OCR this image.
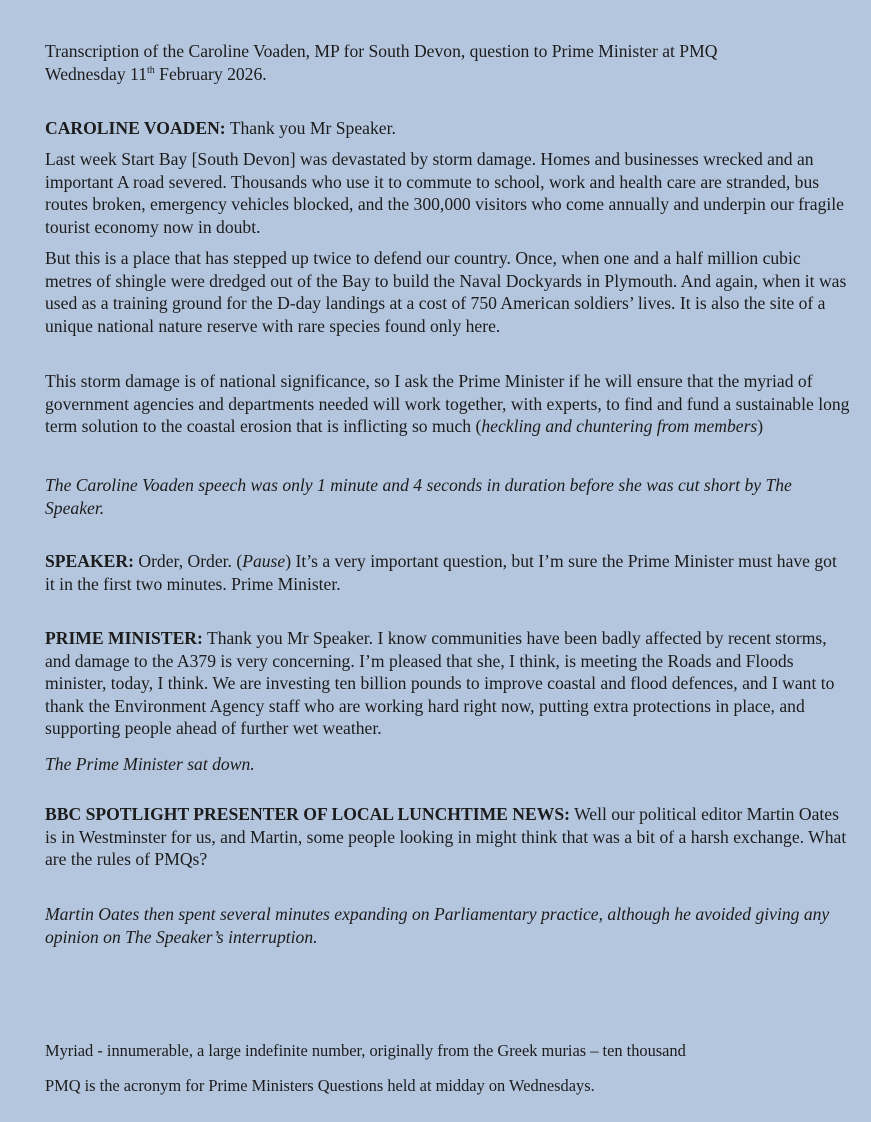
Transcription of the Caroline Voaden, MP for South Devon, question to Prime Minister at PMQ

Wednesday 11th February 2026.

CAROLINE VOADEN: Thank you Mr Speaker.

Last week Start Bay [South Devon] was devastated by storm damage. Homes and businesses wrecked and an important A road severed. Thousands who use it to commute to school, work and health care are stranded, bus routes broken, emergency vehicles blocked, and the 300,000 visitors who come annually and underpin our fragile tourist economy now in doubt.

But this is a place that has stepped up twice to defend our country. Once, when one and a half million cubic metres of shingle were dredged out of the Bay to build the Naval Dockyards in Plymouth. And again, when it was used as a training ground for the D-day landings at a cost of 750 American soldiers’ lives. It is also the site of a unique national nature reserve with rare species found only here.

This storm damage is of national significance, so I ask the Prime Minister if he will ensure that the myriad of government agencies and departments needed will work together, with experts, to find and fund a sustainable long term solution to the coastal erosion that is inflicting so much (heckling and chuntering from members)

The Caroline Voaden speech was only 1 minute and 4 seconds in duration before she was cut short by The Speaker.

SPEAKER: Order, Order. (Pause) It’s a very important question, but I’m sure the Prime Minister must have got it in the first two minutes. Prime Minister.

PRIME MINISTER: Thank you Mr Speaker. I know communities have been badly affected by recent storms, and damage to the A379 is very concerning. I’m pleased that she, I think, is meeting the Roads and Floods minister, today, I think. We are investing ten billion pounds to improve coastal and flood defences, and I want to thank the Environment Agency staff who are working hard right now, putting extra protections in place, and supporting people ahead of further wet weather.

The Prime Minister sat down.

BBC SPOTLIGHT PRESENTER OF LOCAL LUNCHTIME NEWS: Well our political editor Martin Oates is in Westminster for us, and Martin, some people looking in might think that was a bit of a harsh exchange. What are the rules of PMQs?

Martin Oates then spent several minutes expanding on Parliamentary practice, although he avoided giving any opinion on The Speaker’s interruption.

Myriad - innumerable, a large indefinite number, originally from the Greek murias – ten thousand

PMQ is the acronym for Prime Ministers Questions held at midday on Wednesdays.
